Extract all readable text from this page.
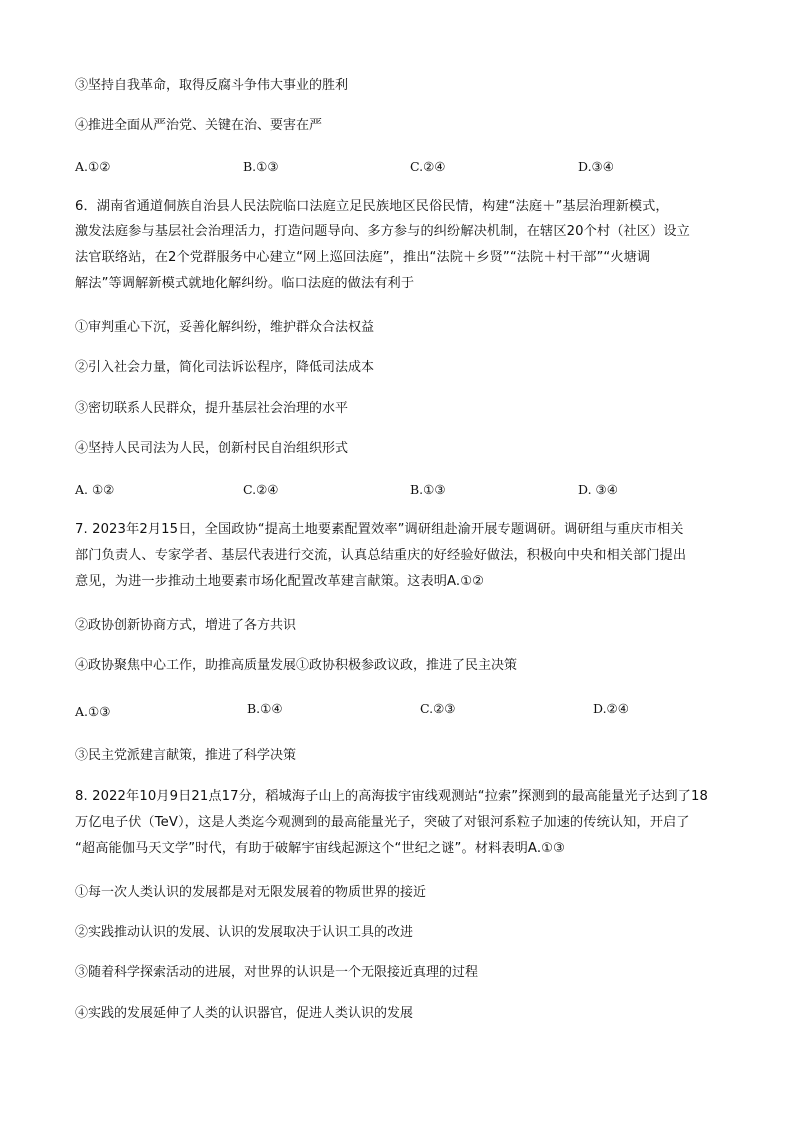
③坚持自我革命，取得反腐斗争伟大事业的胜利
④推进全面从严治党、关键在治、要害在严
A.①②	B.①③	C.②④	D.③④
6．湖南省通道侗族自治县人民法院临口法庭立足民族地区民俗民情，构建“法庭＋”基层治理新模式，
激发法庭参与基层社会治理活力，打造问题导向、多方参与的纠纷解决机制，在辖区20个村（社区）设立
法官联络站，在2个党群服务中心建立“网上巡回法庭”，推出“法院＋乡贤”“法院＋村干部”“火塘调
解法”等调解新模式就地化解纠纷。临口法庭的做法有利于
①审判重心下沉，妥善化解纠纷，维护群众合法权益
②引入社会力量，简化司法诉讼程序，降低司法成本
③密切联系人民群众，提升基层社会治理的水平
④坚持人民司法为人民，创新村民自治组织形式
A. ①②	C.②④	B.①③	D. ③④
7. 2023年2月15日，全国政协“提高土地要素配置效率”调研组赴渝开展专题调研。调研组与重庆市相关
部门负责人、专家学者、基层代表进行交流，认真总结重庆的好经验好做法，积极向中央和相关部门提出
意见，为进一步推动土地要素市场化配置改革建言献策。这表明A.①②
②政协创新协商方式，增进了各方共识
④政协聚焦中心工作，助推高质量发展①政协积极参政议政，推进了民主决策
A.①③	B.①④	C.②③	D.②④
③民主党派建言献策，推进了科学决策
8. 2022年10月9日21点17分，稻城海子山上的高海拔宇宙线观测站“拉索”探测到的最高能量光子达到了18
万亿电子伏（TeV），这是人类迄今观测到的最高能量光子，突破了对银河系粒子加速的传统认知，开启了
“超高能伽马天文学”时代，有助于破解宇宙线起源这个“世纪之谜”。材料表明A.①③
①每一次人类认识的发展都是对无限发展着的物质世界的接近
②实践推动认识的发展、认识的发展取决于认识工具的改进
③随着科学探索活动的进展，对世界的认识是一个无限接近真理的过程
④实践的发展延伸了人类的认识器官，促进人类认识的发展
